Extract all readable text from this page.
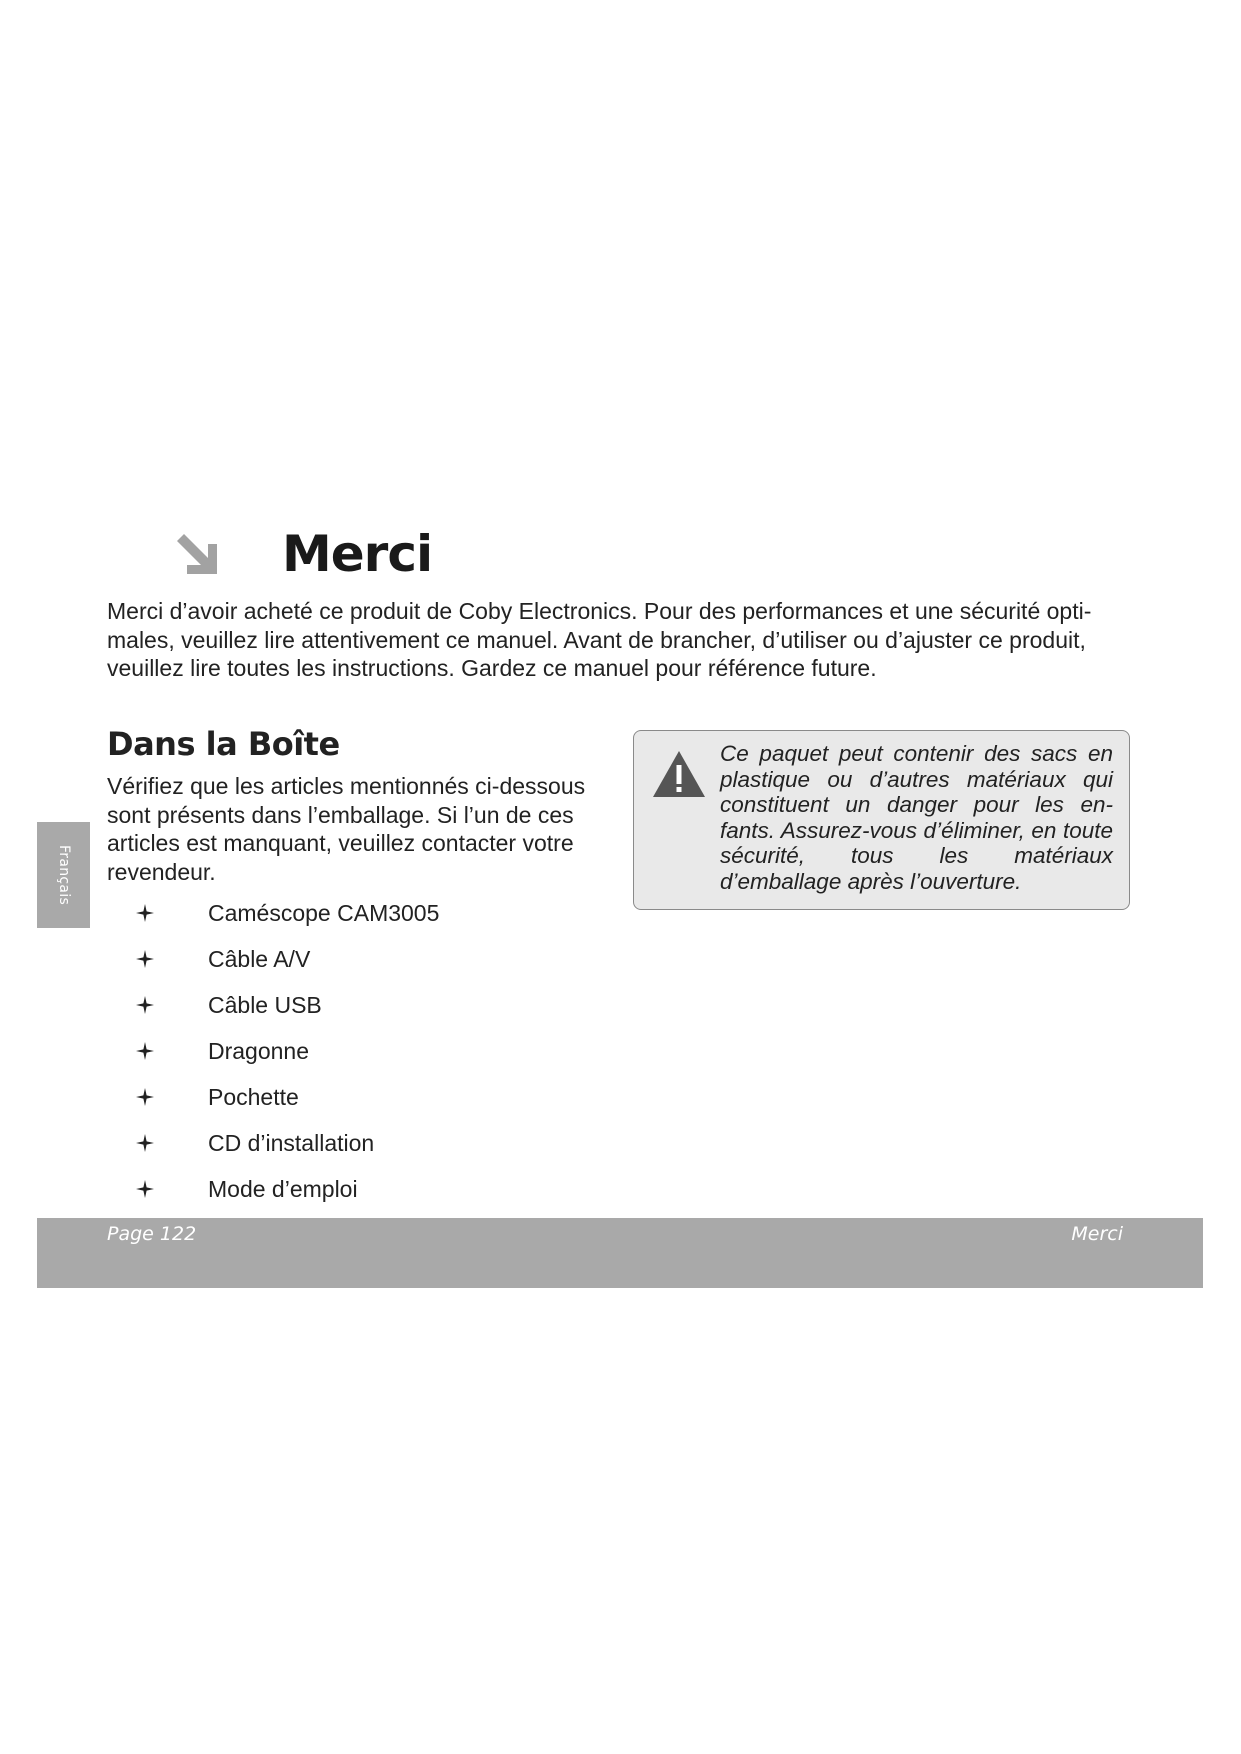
Merci

Merci d’avoir acheté ce produit de Coby Electronics. Pour des performances et une sécurité opti-males, veuillez lire attentivement ce manuel. Avant de brancher, d’utiliser ou d’ajuster ce produit, veuillez lire toutes les instructions. Gardez ce manuel pour référence future.

Dans la Boîte

Vérifiez que les articles mentionnés ci-dessous sont présents dans l’emballage. Si l’un de ces articles est manquant, veuillez contacter votre revendeur.

Caméscope CAM3005
Câble A/V
Câble USB
Dragonne
Pochette
CD d’installation
Mode d’emploi

Ce paquet peut contenir des sacs en plastique ou d’autres matériaux qui constituent un danger pour les en-fants. Assurez-vous d’éliminer, en toute sécurité, tous les matériaux d’emballage après l’ouverture.

Français
Page 122	Merci
